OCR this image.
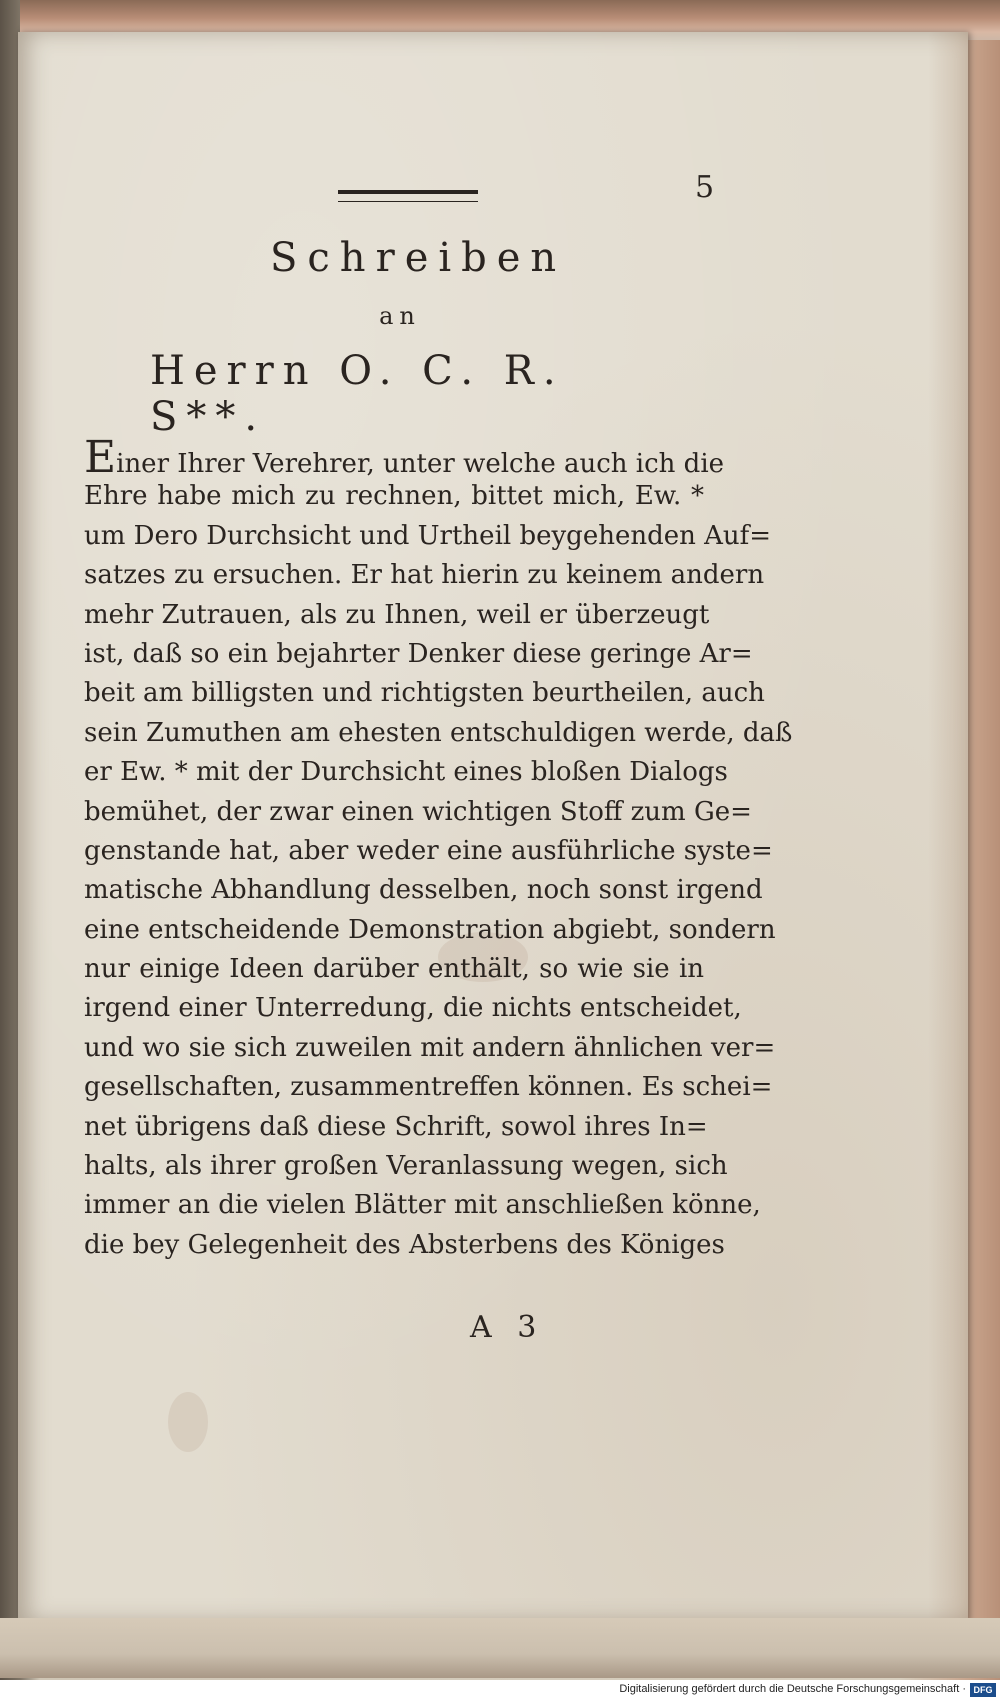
5
Schreiben
an
Herrn O. C. R. S**.
Einer Ihrer Verehrer, unter welche auch ich die
Ehre habe mich zu rechnen, bittet mich, Ew. *
um Dero Durchsicht und Urtheil beygehenden Auf=
satzes zu ersuchen. Er hat hierin zu keinem andern
mehr Zutrauen, als zu Ihnen, weil er überzeugt
ist, daß so ein bejahrter Denker diese geringe Ar=
beit am billigsten und richtigsten beurtheilen, auch
sein Zumuthen am ehesten entschuldigen werde, daß
er Ew. * mit der Durchsicht eines bloßen Dialogs
bemühet, der zwar einen wichtigen Stoff zum Ge=
genstande hat, aber weder eine ausführliche syste=
matische Abhandlung desselben, noch sonst irgend
eine entscheidende Demonstration abgiebt, sondern
nur einige Ideen darüber enthält, so wie sie in
irgend einer Unterredung, die nichts entscheidet,
und wo sie sich zuweilen mit andern ähnlichen ver=
gesellschaften, zusammentreffen können. Es schei=
net übrigens daß diese Schrift, sowol ihres In=
halts, als ihrer großen Veranlassung wegen, sich
immer an die vielen Blätter mit anschließen könne,
die bey Gelegenheit des Absterbens des Königes
A 3
Digitalisierung gefördert durch die Deutsche Forschungsgemeinschaft · DFG
